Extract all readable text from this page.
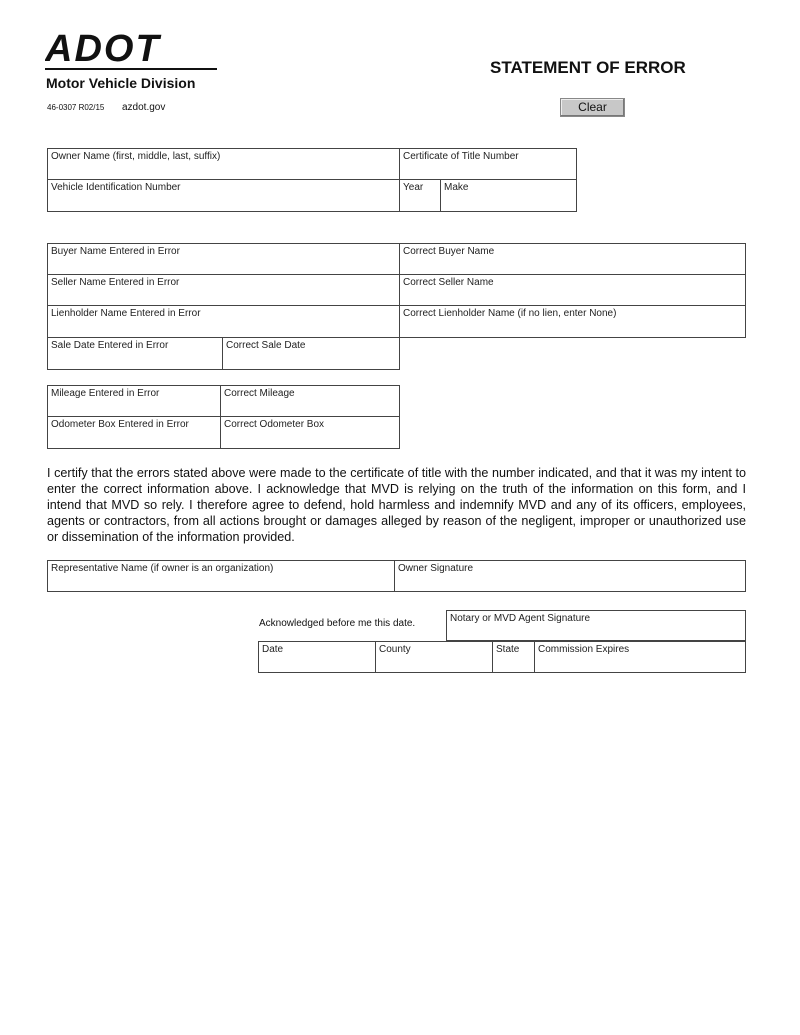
ADOT
Motor Vehicle Division
46-0307 R02/15 azdot.gov
STATEMENT OF ERROR
Clear
Owner Name (first, middle, last, suffix)	Certificate of Title Number
Vehicle Identification Number	Year	Make
Buyer Name Entered in Error	Correct Buyer Name
Seller Name Entered in Error	Correct Seller Name
Lienholder Name Entered in Error	Correct Lienholder Name (if no lien, enter None)
Sale Date Entered in Error	Correct Sale Date
Mileage Entered in Error	Correct Mileage
Odometer Box Entered in Error	Correct Odometer Box
I certify that the errors stated above were made to the certificate of title with the number indicated, and that it was my intent to enter the correct information above. I acknowledge that MVD is relying on the truth of the information on this form, and I intend that MVD so rely. I therefore agree to defend, hold harmless and indemnify MVD and any of its officers, employees, agents or contractors, from all actions brought or damages alleged by reason of the negligent, improper or unauthorized use or dissemination of the information provided.
Representative Name (if owner is an organization)	Owner Signature
Acknowledged before me this date.	Notary or MVD Agent Signature
Date	County	State	Commission Expires
